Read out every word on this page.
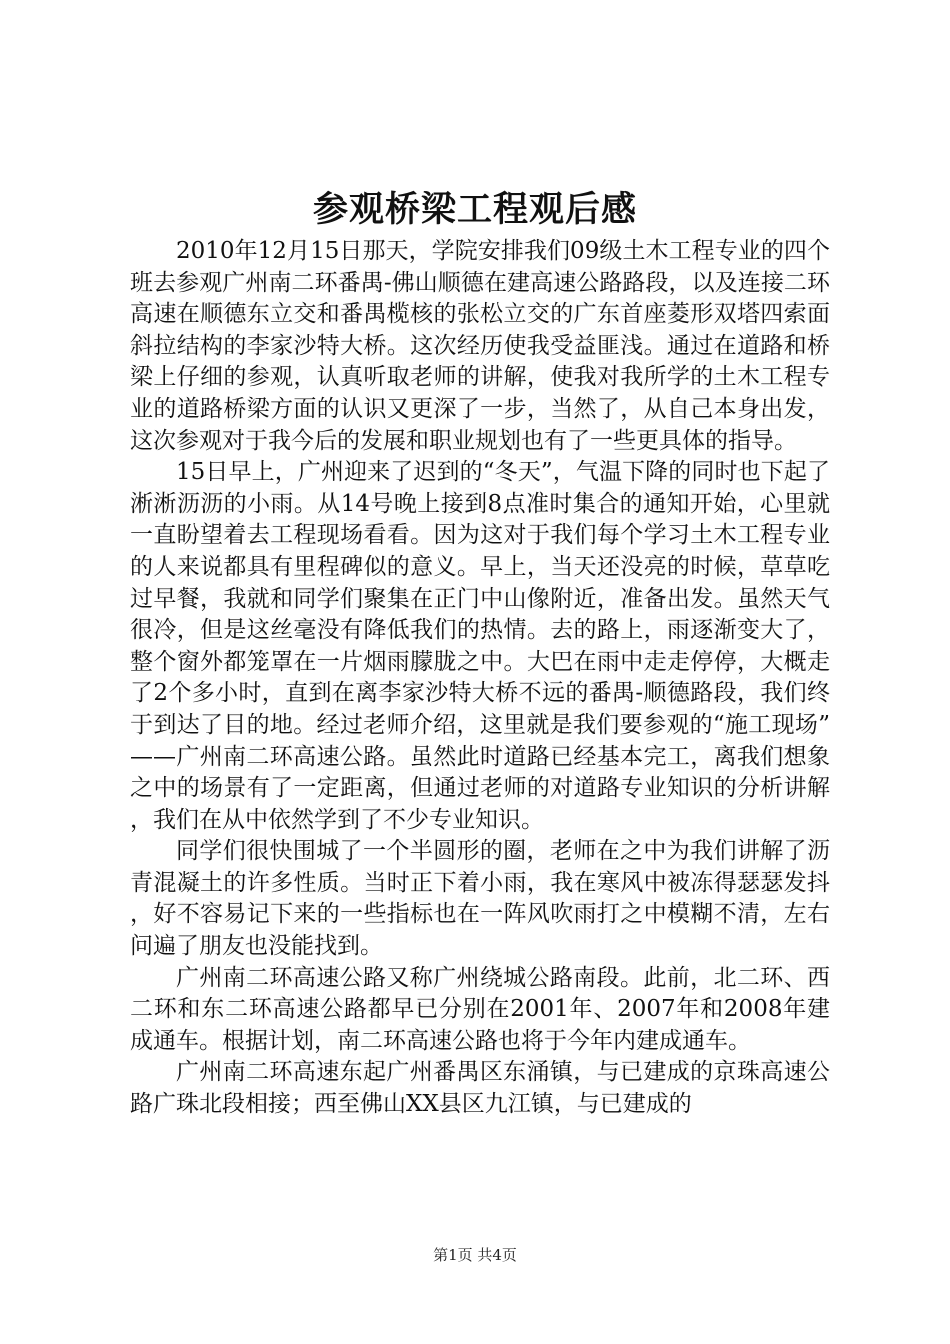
参观桥梁工程观后感

2010年12月15日那天，学院安排我们09级土木工程专业的四个班去参观广州南二环番禺-佛山顺德在建高速公路路段，以及连接二环高速在顺德东立交和番禺榄核的张松立交的广东首座菱形双塔四索面斜拉结构的李家沙特大桥。这次经历使我受益匪浅。通过在道路和桥梁上仔细的参观，认真听取老师的讲解，使我对我所学的土木工程专业的道路桥梁方面的认识又更深了一步，当然了，从自己本身出发，这次参观对于我今后的发展和职业规划也有了一些更具体的指导。

15日早上，广州迎来了迟到的“冬天”，气温下降的同时也下起了淅淅沥沥的小雨。从14号晚上接到8点准时集合的通知开始，心里就一直盼望着去工程现场看看。因为这对于我们每个学习土木工程专业的人来说都具有里程碑似的意义。早上，当天还没亮的时候，草草吃过早餐，我就和同学们聚集在正门中山像附近，准备出发。虽然天气很冷，但是这丝毫没有降低我们的热情。去的路上，雨逐渐变大了，整个窗外都笼罩在一片烟雨朦胧之中。大巴在雨中走走停停，大概走了2个多小时，直到在离李家沙特大桥不远的番禺-顺德路段，我们终于到达了目的地。经过老师介绍，这里就是我们要参观的“施工现场”——广州南二环高速公路。虽然此时道路已经基本完工，离我们想象之中的场景有了一定距离，但通过老师的对道路专业知识的分析讲解，我们在从中依然学到了不少专业知识。

同学们很快围城了一个半圆形的圈，老师在之中为我们讲解了沥青混凝土的许多性质。当时正下着小雨，我在寒风中被冻得瑟瑟发抖，好不容易记下来的一些指标也在一阵风吹雨打之中模糊不清，左右问遍了朋友也没能找到。

广州南二环高速公路又称广州绕城公路南段。此前，北二环、西二环和东二环高速公路都早已分别在2001年、2007年和2008年建成通车。根据计划，南二环高速公路也将于今年内建成通车。

广州南二环高速东起广州番禺区东涌镇，与已建成的京珠高速公路广珠北段相接；西至佛山XX县区九江镇，与已建成的

第1页 共4页
